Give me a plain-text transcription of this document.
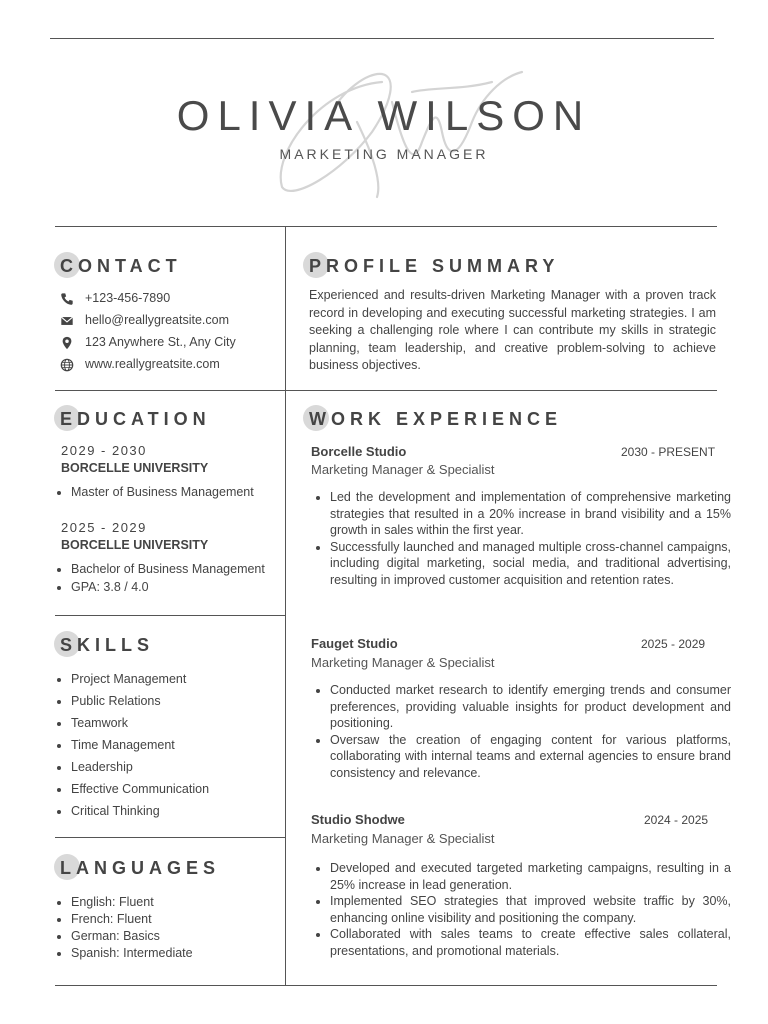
OLIVIA WILSON
MARKETING MANAGER
CONTACT
+123-456-7890
hello@reallygreatsite.com
123 Anywhere St., Any City
www.reallygreatsite.com
PROFILE SUMMARY
Experienced and results-driven Marketing Manager with a proven track record in developing and executing successful marketing strategies. I am seeking a challenging role where I can contribute my skills in strategic planning, team leadership, and creative problem-solving to achieve business objectives.
EDUCATION
2029 - 2030
BORCELLE UNIVERSITY
• Master of Business Management
2025 - 2029
BORCELLE UNIVERSITY
• Bachelor of Business Management
• GPA: 3.8 / 4.0
SKILLS
• Project Management
• Public Relations
• Teamwork
• Time Management
• Leadership
• Effective Communication
• Critical Thinking
LANGUAGES
• English: Fluent
• French: Fluent
• German: Basics
• Spanish: Intermediate
WORK EXPERIENCE
Borcelle Studio	2030 - PRESENT
Marketing Manager & Specialist
• Led the development and implementation of comprehensive marketing strategies that resulted in a 20% increase in brand visibility and a 15% growth in sales within the first year.
• Successfully launched and managed multiple cross-channel campaigns, including digital marketing, social media, and traditional advertising, resulting in improved customer acquisition and retention rates.
Fauget Studio	2025 - 2029
Marketing Manager & Specialist
• Conducted market research to identify emerging trends and consumer preferences, providing valuable insights for product development and positioning.
• Oversaw the creation of engaging content for various platforms, collaborating with internal teams and external agencies to ensure brand consistency and relevance.
Studio Shodwe	2024 - 2025
Marketing Manager & Specialist
• Developed and executed targeted marketing campaigns, resulting in a 25% increase in lead generation.
• Implemented SEO strategies that improved website traffic by 30%, enhancing online visibility and positioning the company.
• Collaborated with sales teams to create effective sales collateral, presentations, and promotional materials.
